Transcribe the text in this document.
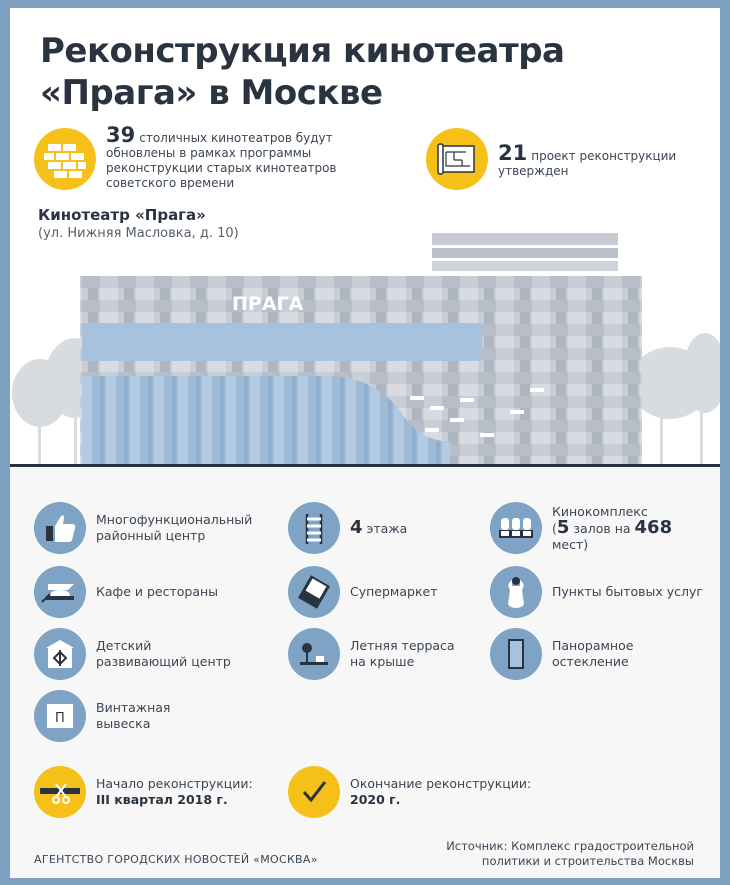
Реконструкция кинотеатра «Прага» в Москве
39 столичных кинотеатров будут обновлены в рамках программы реконструкции старых кинотеатров советского времени
21 проект реконструкции утвержден
Кинотеатр «Прага»
(ул. Нижняя Масловка, д. 10)
ПРАГА
Многофункциональный районный центр	4 этажа
Кинокомплекс
(5 залов на 468 мест)
Кафе и рестораны	Супермаркет	Пункты бытовых услуг
Детский развивающий центр
Летняя терраса на крыше
Панорамное остекление
П
Винтажная вывеска
Начало реконструкции:
III квартал 2018 г.
Окончание реконструкции:
2020 г.
АГЕНТСТВО ГОРОДСКИХ НОВОСТЕЙ «МОСКВА»
Источник: Комплекс градостроительной политики и строительства Москвы
